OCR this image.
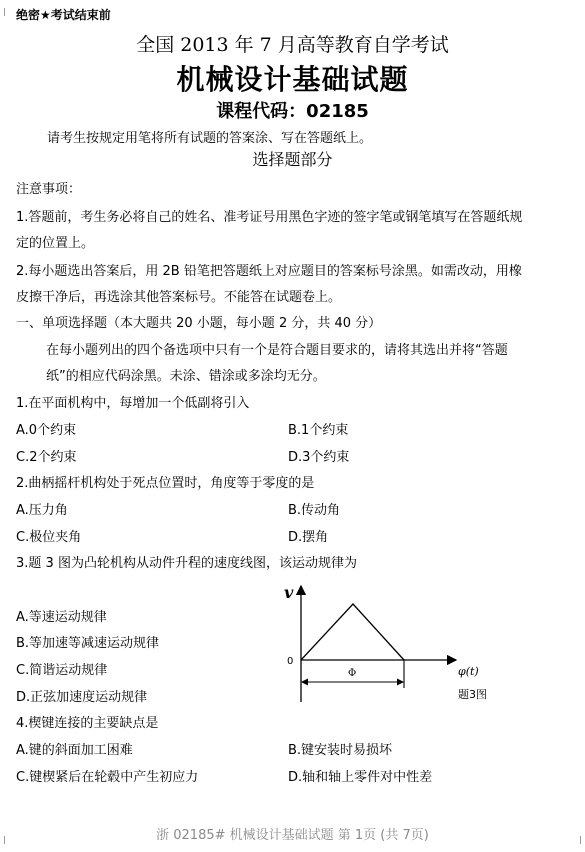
绝密★考试结束前
全国 2013 年 7 月高等教育自学考试
机械设计基础试题
课程代码：02185
请考生按规定用笔将所有试题的答案涂、写在答题纸上。
选择题部分
注意事项：
1.答题前，考生务必将自己的姓名、准考证号用黑色字迹的签字笔或钢笔填写在答题纸规
定的位置上。
2.每小题选出答案后，用 2B 铅笔把答题纸上对应题目的答案标号涂黑。如需改动，用橡
皮擦干净后，再选涂其他答案标号。不能答在试题卷上。
一、单项选择题（本大题共 20 小题，每小题 2 分，共 40 分）
在每小题列出的四个备选项中只有一个是符合题目要求的，请将其选出并将“答题
纸”的相应代码涂黑。未涂、错涂或多涂均无分。
1.在平面机构中，每增加一个低副将引入
A.0个约束	B.1个约束
C.2个约束	D.3个约束
2.曲柄摇杆机构处于死点位置时，角度等于零度的是
A.压力角	B.传动角
C.极位夹角	D.摆角
3.题 3 图为凸轮机构从动件升程的速度线图，该运动规律为
A.等速运动规律
B.等加速等减速运动规律
C.简谐运动规律
D.正弦加速度运动规律
v
0
φ(t)
Φ
题3图
4.楔键连接的主要缺点是
A.键的斜面加工困难	B.键安装时易损坏
C.键楔紧后在轮毂中产生初应力	D.轴和轴上零件对中性差
浙 02185# 机械设计基础试题 第 1页 (共 7页)
